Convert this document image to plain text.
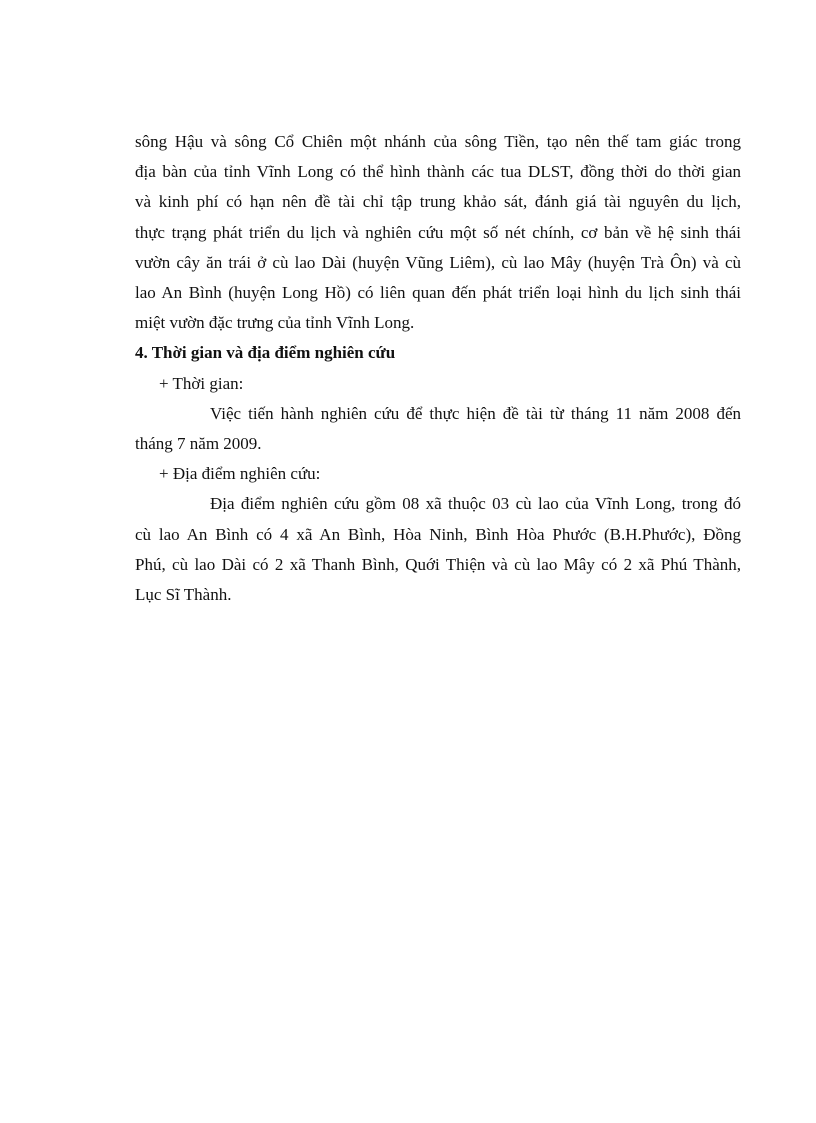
sông Hậu và sông Cổ Chiên một nhánh của sông Tiền, tạo nên thế tam giác trong
địa bàn của tỉnh Vĩnh Long có thể hình thành các tua DLST, đồng thời do thời gian
và kinh phí có hạn nên đề tài chỉ tập trung khảo sát, đánh giá tài nguyên du lịch,
thực trạng phát triển du lịch và nghiên cứu một số nét chính, cơ bản về hệ sinh thái
vườn cây ăn trái ở cù lao Dài (huyện Vũng Liêm), cù lao Mây (huyện Trà Ôn) và cù
lao An Bình (huyện Long Hồ) có liên quan đến phát triển loại hình du lịch sinh thái
miệt vườn đặc trưng của tỉnh Vĩnh Long.

4. Thời gian và địa điểm nghiên cứu

+ Thời gian:

Việc tiến hành nghiên cứu để thực hiện đề tài từ tháng 11 năm 2008 đến
tháng 7 năm 2009.

+ Địa điểm nghiên cứu:

Địa điểm nghiên cứu gồm 08 xã thuộc 03 cù lao của Vĩnh Long, trong đó
cù lao An Bình có 4 xã An Bình, Hòa Ninh, Bình Hòa Phước (B.H.Phước), Đồng
Phú, cù lao Dài có 2 xã Thanh Bình, Quới Thiện và cù lao Mây có 2 xã Phú Thành,
Lục Sĩ Thành.
